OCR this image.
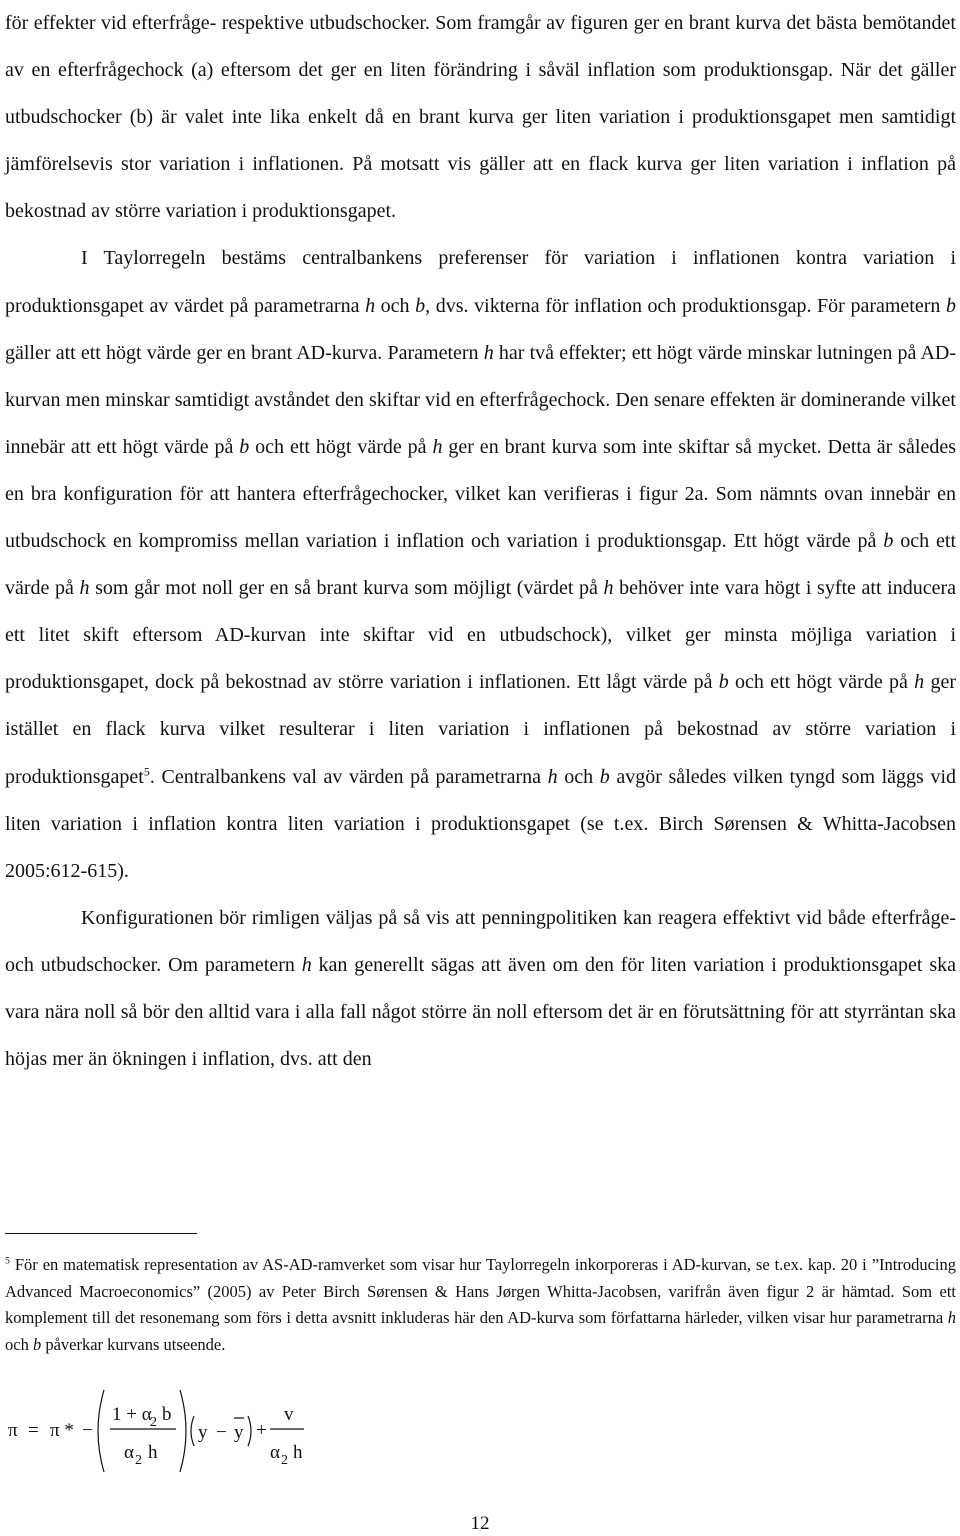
för effekter vid efterfrågе- respektive utbudschocker. Som framgår av figuren ger en brant kurva det bästa bemötandet av en efterfrågechock (a) eftersom det ger en liten förändring i såväl inflation som produktionsgap. När det gäller utbudschocker (b) är valet inte lika enkelt då en brant kurva ger liten variation i produktionsgapet men samtidigt jämförelsevis stor variation i inflationen. På motsatt vis gäller att en flack kurva ger liten variation i inflation på bekostnad av större variation i produktionsgapet.

I Taylorregeln bestäms centralbankens preferenser för variation i inflationen kontra variation i produktionsgapet av värdet på parametrarna h och b, dvs. vikterna för inflation och produktionsgap. För parametern b gäller att ett högt värde ger en brant AD-kurva. Parametern h har två effekter; ett högt värde minskar lutningen på AD-kurvan men minskar samtidigt avståndet den skiftar vid en efterfrågechock. Den senare effekten är dominerande vilket innebär att ett högt värde på b och ett högt värde på h ger en brant kurva som inte skiftar så mycket. Detta är således en bra konfiguration för att hantera efterfrågechocker, vilket kan verifieras i figur 2a. Som nämnts ovan innebär en utbudschock en kompromiss mellan variation i inflation och variation i produktionsgap. Ett högt värde på b och ett värde på h som går mot noll ger en så brant kurva som möjligt (värdet på h behöver inte vara högt i syfte att inducera ett litet skift eftersom AD-kurvan inte skiftar vid en utbudschock), vilket ger minsta möjliga variation i produktionsgapet, dock på bekostnad av större variation i inflationen. Ett lågt värde på b och ett högt värde på h ger istället en flack kurva vilket resulterar i liten variation i inflationen på bekostnad av större variation i produktionsgapet$^5$. Centralbankens val av värden på parametrarna h och b avgör således vilken tyngd som läggs vid liten variation i inflation kontra liten variation i produktionsgapet (se t.ex. Birch Sørensen & Whitta-Jacobsen 2005:612-615).

Konfigurationen bör rimligen väljas på så vis att penningpolitiken kan reagera effektivt vid både efterfråge- och utbudschocker. Om parametern h kan generellt sägas att även om den för liten variation i produktionsgapet ska vara nära noll så bör den alltid vara i alla fall något större än noll eftersom det är en förutsättning för att styrräntan ska höjas mer än ökningen i inflation, dvs. att den

$^5$ För en matematisk representation av AS-AD-ramverket som visar hur Taylorregeln inkorporeras i AD-kurvan, se t.ex. kap. 20 i ”Introducing Advanced Macroeconomics” (2005) av Peter Birch Sørensen & Hans Jørgen Whitta-Jacobsen, varifrån även figur 2 är hämtad. Som ett komplement till det resonemang som förs i detta avsnitt inkluderas här den AD-kurva som författarna härleder, vilken visar hur parametrarna h och b påverkar kurvans utseende.

π = π * −
1 + α
2 b
α 2 h
y − y +
v
α 2 h
12
